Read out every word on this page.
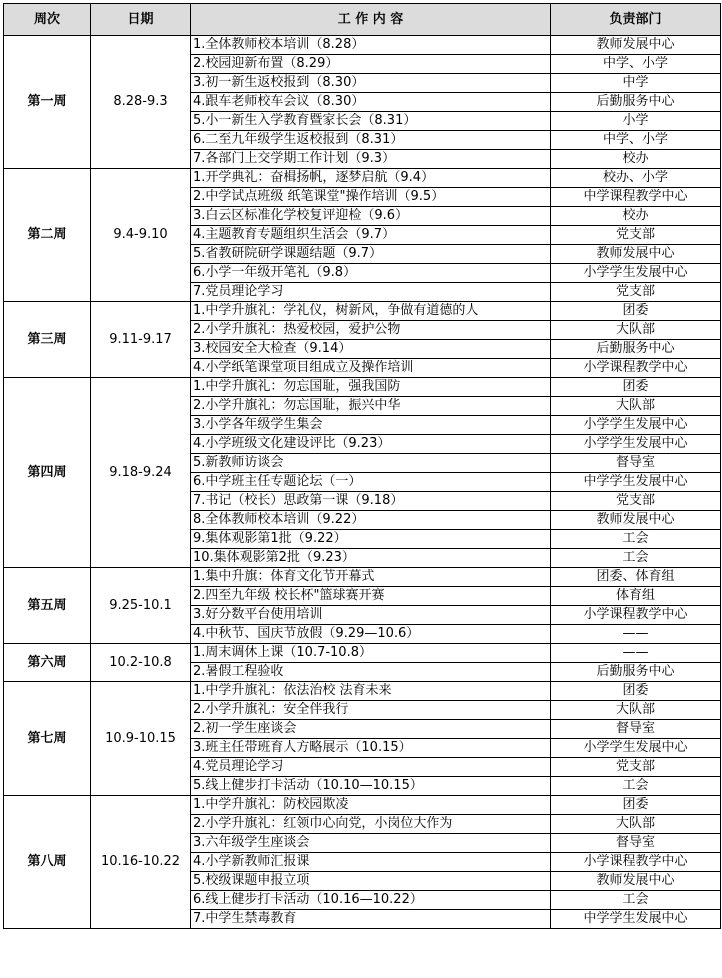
周次	日期	工 作 内 容	负责部门
第一周	8.28-9.3	1.全体教师校本培训（8.28）	教师发展中心
		2.校园迎新布置（8.29）	中学、小学
		3.初一新生返校报到（8.30）	中学
		4.跟车老师校车会议（8.30）	后勤服务中心
		5.小一新生入学教育暨家长会（8.31）	小学
		6.二至九年级学生返校报到（8.31）	中学、小学
		7.各部门上交学期工作计划（9.3）	校办
第二周	9.4-9.10	1.开学典礼：奋楫扬帆，逐梦启航（9.4）	校办、小学
		2.中学试点班级 纸笔课堂"操作培训（9.5）	中学课程教学中心
		3.白云区标准化学校复评迎检（9.6）	校办
		4.主题教育专题组织生活会（9.7）	党支部
		5.省教研院研学课题结题（9.7）	教师发展中心
		6.小学一年级开笔礼（9.8）	小学学生发展中心
		7.党员理论学习	党支部
第三周	9.11-9.17	1.中学升旗礼：学礼仪，树新风，争做有道德的人	团委
		2.小学升旗礼：热爱校园，爱护公物	大队部
		3.校园安全大检查（9.14）	后勤服务中心
		4.小学纸笔课堂项目组成立及操作培训	小学课程教学中心
第四周	9.18-9.24	1.中学升旗礼：勿忘国耻，强我国防	团委
		2.小学升旗礼：勿忘国耻，振兴中华	大队部
		3.小学各年级学生集会	小学学生发展中心
		4.小学班级文化建设评比（9.23）	小学学生发展中心
		5.新教师访谈会	督导室
		6.中学班主任专题论坛（一）	中学学生发展中心
		7.书记（校长）思政第一课（9.18）	党支部
		8.全体教师校本培训（9.22）	教师发展中心
		9.集体观影第1批（9.22）	工会
		10.集体观影第2批（9.23）	工会
第五周	9.25-10.1	1.集中升旗：体育文化节开幕式	团委、体育组
		2.四至九年级 校长杯"篮球赛开赛	体育组
		3.好分数平台使用培训	小学课程教学中心
		4.中秋节、国庆节放假（9.29—10.6）	——
第六周	10.2-10.8	1.周末调休上课（10.7-10.8）	——
		2.暑假工程验收	后勤服务中心
第七周	10.9-10.15	1.中学升旗礼：依法治校 法育未来	团委
		2.小学升旗礼：安全伴我行	大队部
		2.初一学生座谈会	督导室
		3.班主任带班育人方略展示（10.15）	小学学生发展中心
		4.党员理论学习	党支部
		5.线上健步打卡活动（10.10—10.15）	工会
第八周	10.16-10.22	1.中学升旗礼：防校园欺凌	团委
		2.小学升旗礼：红领巾心向党，小岗位大作为	大队部
		3.六年级学生座谈会	督导室
		4.小学新教师汇报课	小学课程教学中心
		5.校级课题申报立项	教师发展中心
		6.线上健步打卡活动（10.16—10.22）	工会
		7.中学生禁毒教育	中学学生发展中心
